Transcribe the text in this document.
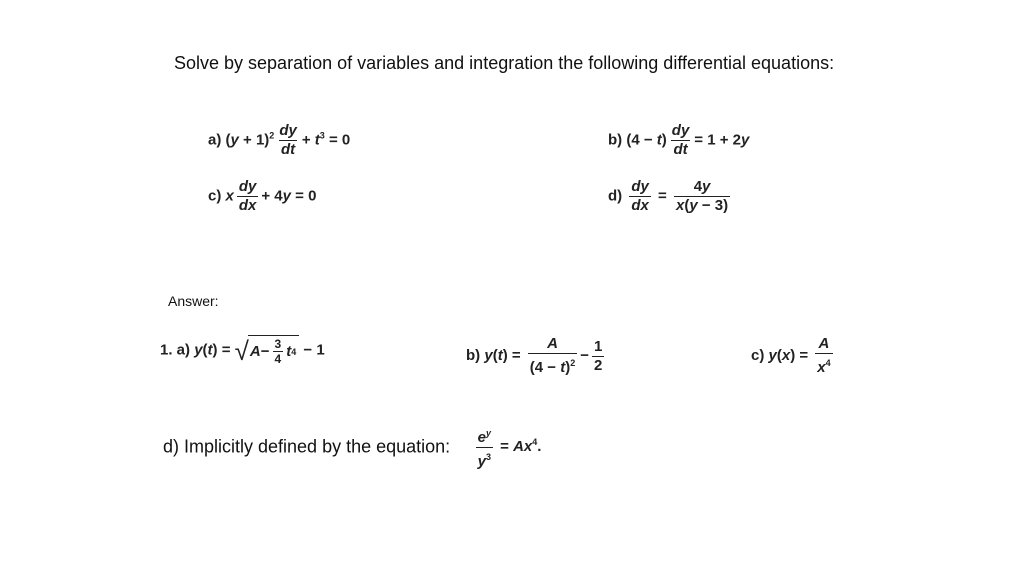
Solve by separation of variables and integration the following differential equations:
a) $(y + 1)^2 \frac{dy}{dt} + t^3 = 0$	b) $(4 - t) \frac{dy}{dt} = 1 + 2y$
c) x $\frac{dy}{dx} + 4y = 0$	$d) \frac{dy}{dx} = \frac{4y}{x(y - 3)}$
Answer:
1. a) y(t) = √ $A - \frac{3}{4}$ t 4 − 1	b) $y(t) = \frac{A}{(4 - t)^2} - \frac{1}{2}$	c) $y(x) = \frac{A}{x^4}$
d) Implicitly defined by the equation: $\frac{e^y}{y^3} = Ax^4$.
